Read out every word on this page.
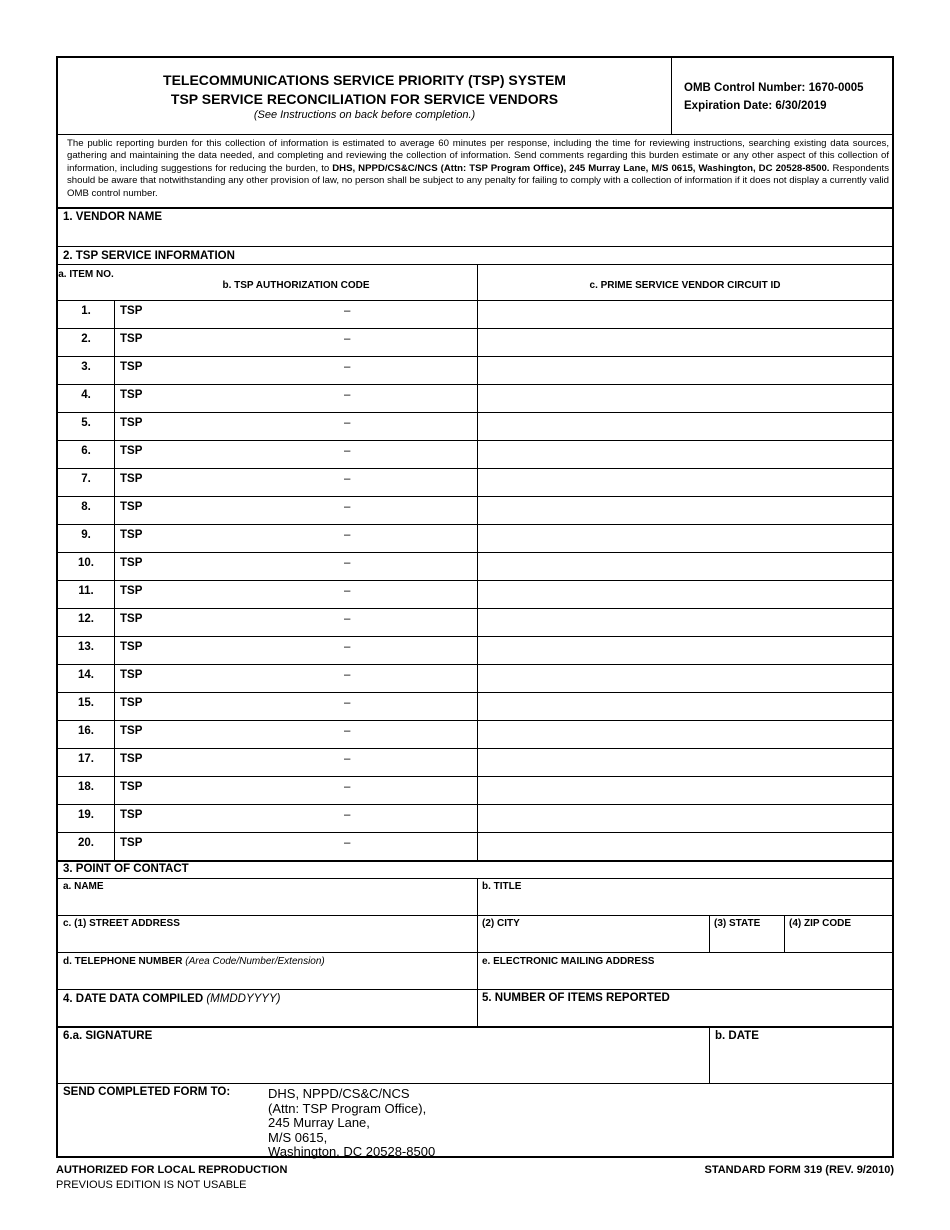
TELECOMMUNICATIONS SERVICE PRIORITY (TSP) SYSTEM
TSP SERVICE RECONCILIATION FOR SERVICE VENDORS
(See Instructions on back before completion.)
OMB Control Number: 1670-0005
Expiration Date: 6/30/2019
The public reporting burden for this collection of information is estimated to average 60 minutes per response, including the time for reviewing instructions, searching existing data sources, gathering and maintaining the data needed, and completing and reviewing the collection of information. Send comments regarding this burden estimate or any other aspect of this collection of information, including suggestions for reducing the burden, to DHS, NPPD/CS&C/NCS (Attn: TSP Program Office), 245 Murray Lane, M/S 0615, Washington, DC 20528-8500. Respondents should be aware that notwithstanding any other provision of law, no person shall be subject to any penalty for failing to comply with a collection of information if it does not display a currently valid OMB control number.
1. VENDOR NAME
2. TSP SERVICE INFORMATION
a. ITEM NO.
b. TSP AUTHORIZATION CODE	c. PRIME SERVICE VENDOR CIRCUIT ID
1.	TSP	–
2.	TSP	–
3.	TSP	–
4.	TSP	–
5.	TSP	–
6.	TSP	–
7.	TSP	–
8.	TSP	–
9.	TSP	–
10.	TSP	–
11.	TSP	–
12.	TSP	–
13.	TSP	–
14.	TSP	–
15.	TSP	–
16.	TSP	–
17.	TSP	–
18.	TSP	–
19.	TSP	–
20.	TSP	–
3. POINT OF CONTACT
a. NAME	b. TITLE
c. (1) STREET ADDRESS	(2) CITY	(3) STATE	(4) ZIP CODE
d. TELEPHONE NUMBER (Area Code/Number/Extension)	e. ELECTRONIC MAILING ADDRESS
4. DATE DATA COMPILED (MMDDYYYY)	5. NUMBER OF ITEMS REPORTED
6.a. SIGNATURE	b. DATE
SEND COMPLETED FORM TO:	DHS, NPPD/CS&C/NCS
(Attn: TSP Program Office),
245 Murray Lane,
M/S 0615,
Washington, DC 20528-8500
AUTHORIZED FOR LOCAL REPRODUCTION
PREVIOUS EDITION IS NOT USABLE
STANDARD FORM 319 (REV. 9/2010)
